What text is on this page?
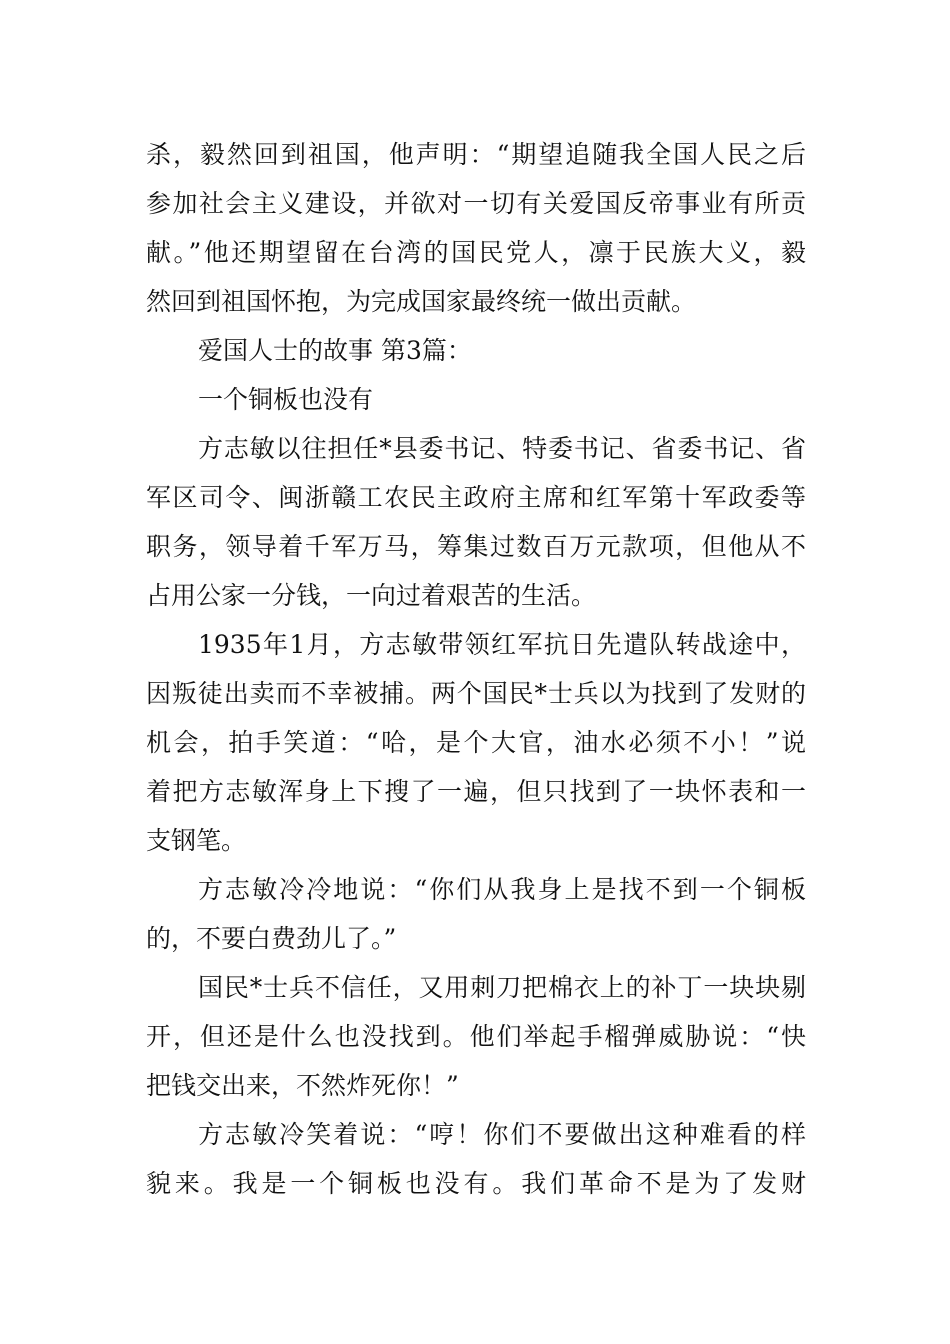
杀，毅然回到祖国，他声明：“期望追随我全国人民之后
参加社会主义建设，并欲对一切有关爱国反帝事业有所贡
献。”他还期望留在台湾的国民党人，凛于民族大义，毅
然回到祖国怀抱，为完成国家最终统一做出贡献。
爱国人士的故事 第3篇：
一个铜板也没有
方志敏以往担任*县委书记、特委书记、省委书记、省
军区司令、闽浙赣工农民主政府主席和红军第十军政委等
职务，领导着千军万马，筹集过数百万元款项，但他从不
占用公家一分钱，一向过着艰苦的生活。
1935年1月，方志敏带领红军抗日先遣队转战途中，
因叛徒出卖而不幸被捕。两个国民*士兵以为找到了发财的
机会，拍手笑道：“哈，是个大官，油水必须不小！”说
着把方志敏浑身上下搜了一遍，但只找到了一块怀表和一
支钢笔。
方志敏冷冷地说：“你们从我身上是找不到一个铜板
的，不要白费劲儿了。”
国民*士兵不信任，又用刺刀把棉衣上的补丁一块块剔
开，但还是什么也没找到。他们举起手榴弹威胁说：“快
把钱交出来，不然炸死你！”
方志敏冷笑着说：“哼！你们不要做出这种难看的样
貌来。我是一个铜板也没有。我们革命不是为了发财
